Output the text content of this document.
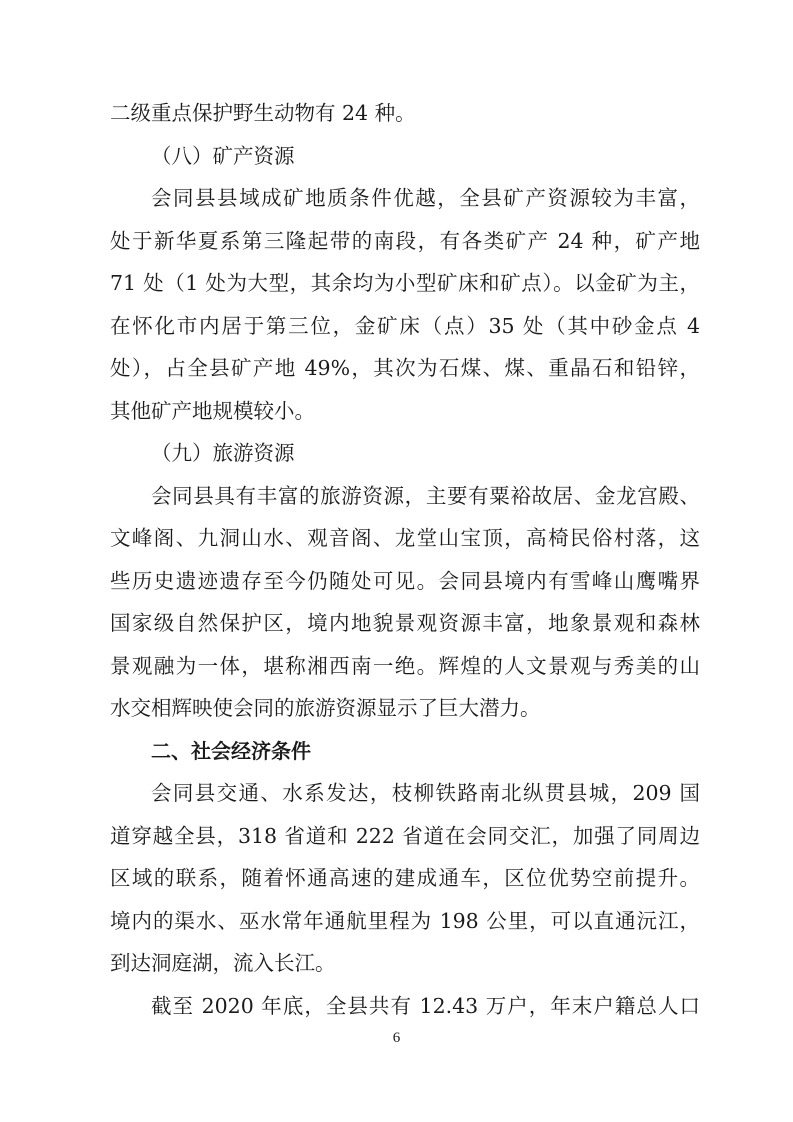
二级重点保护野生动物有 24 种。
（八）矿产资源
会同县县域成矿地质条件优越，全县矿产资源较为丰富，
处于新华夏系第三隆起带的南段，有各类矿产 24 种，矿产地
71 处（1 处为大型，其余均为小型矿床和矿点）。以金矿为主，
在怀化市内居于第三位，金矿床（点）35 处（其中砂金点 4
处），占全县矿产地 49%，其次为石煤、煤、重晶石和铅锌，
其他矿产地规模较小。
（九）旅游资源
会同县具有丰富的旅游资源，主要有粟裕故居、金龙宫殿、
文峰阁、九洞山水、观音阁、龙堂山宝顶，高椅民俗村落，这
些历史遗迹遗存至今仍随处可见。会同县境内有雪峰山鹰嘴界
国家级自然保护区，境内地貌景观资源丰富，地象景观和森林
景观融为一体，堪称湘西南一绝。辉煌的人文景观与秀美的山
水交相辉映使会同的旅游资源显示了巨大潜力。
二、社会经济条件
会同县交通、水系发达，枝柳铁路南北纵贯县城，209 国
道穿越全县，318 省道和 222 省道在会同交汇，加强了同周边
区域的联系，随着怀通高速的建成通车，区位优势空前提升。
境内的渠水、巫水常年通航里程为 198 公里，可以直通沅江，
到达洞庭湖，流入长江。
截至 2020 年底，全县共有 12.43 万户，年末户籍总人口
6
